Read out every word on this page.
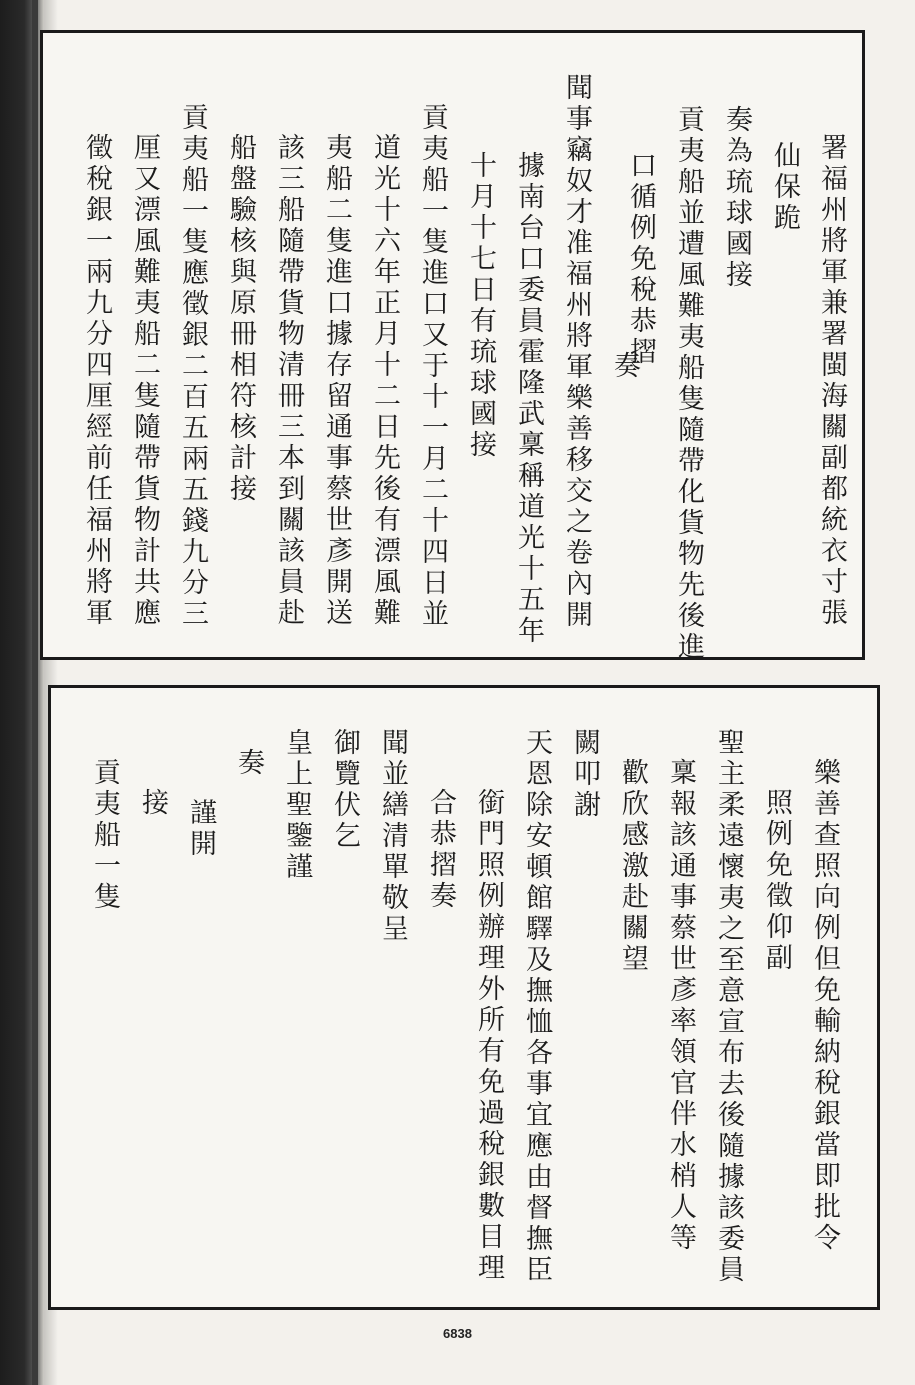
署福州將軍兼署閩海關副都統衣寸張
仙保跪
奏為琉球國接
貢夷船並遭風難夷船隻隨帶化貨物先後進
口循例免稅恭摺
奏
聞事竊奴才准福州將軍樂善移交之卷內開
據南台口委員霍隆武稟稱道光十五年
十月十七日有琉球國接
貢夷船一隻進口又于十一月二十四日並
道光十六年正月十二日先後有漂風難
夷船二隻進口據存留通事蔡世彥開送
該三船隨帶貨物清冊三本到關該員赴
船盤驗核與原冊相符核計接
貢夷船一隻應徵銀二百五兩五錢九分三
厘又漂風難夷船二隻隨帶貨物計共應
徵稅銀一兩九分四厘經前任福州將軍
樂善查照向例但免輸納稅銀當即批令
照例免徵仰副
聖主柔遠懷夷之至意宣布去後隨據該委員
稟報該通事蔡世彥率領官伴水梢人等
歡欣感激赴關望
闕叩謝
天恩除安頓館驛及撫恤各事宜應由督撫臣
銜門照例辦理外所有免過稅銀數目理
合恭摺奏
聞並繕清單敬呈
御覽伏乞
皇上聖鑒謹
奏
謹開
接
貢夷船一隻
6838
